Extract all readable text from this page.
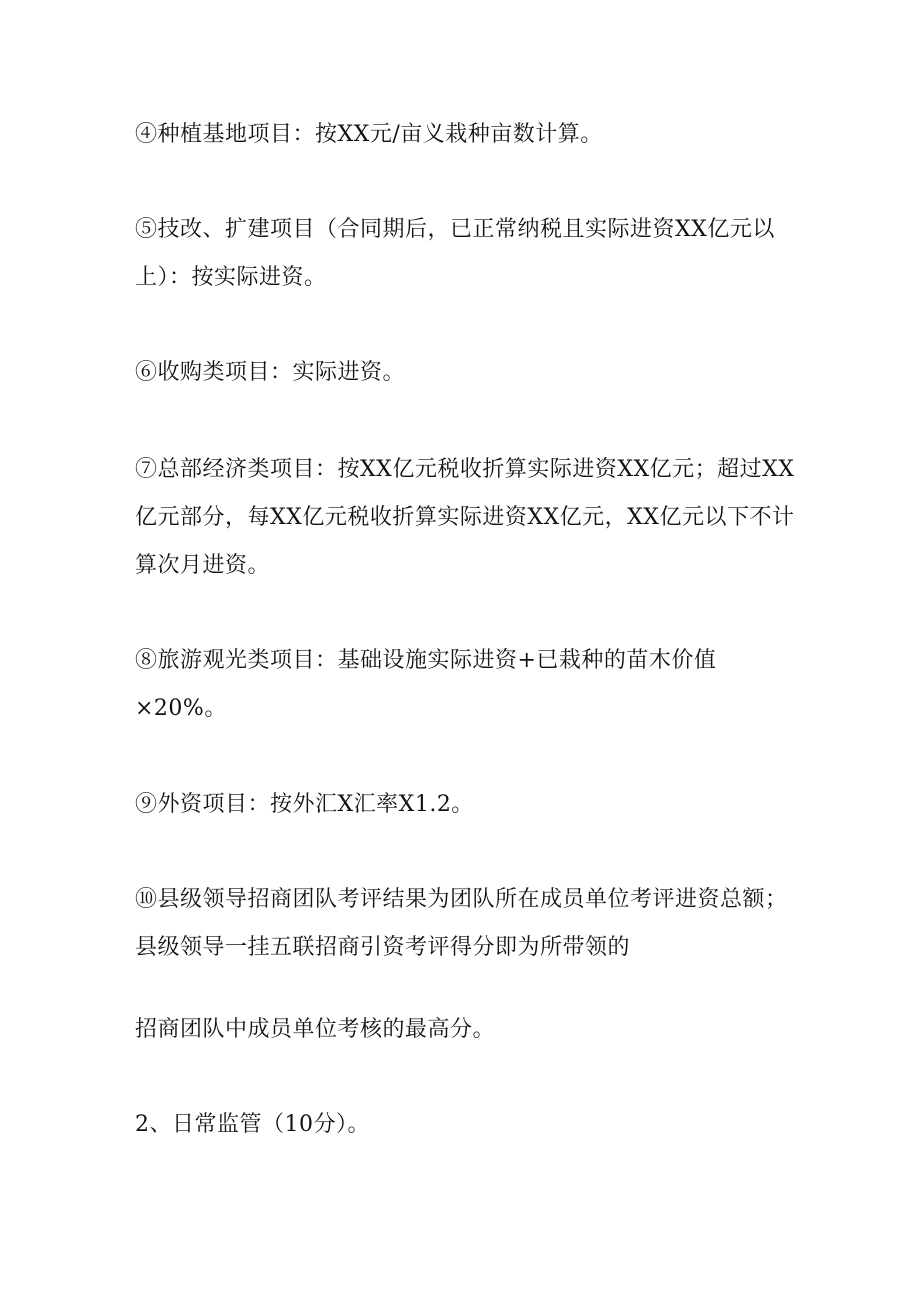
④种植基地项目：按XX元/亩义栽种亩数计算。
⑤技改、扩建项目（合同期后，已正常纳税且实际进资XX亿元以
上）：按实际进资。
⑥收购类项目：实际进资。
⑦总部经济类项目：按XX亿元税收折算实际进资XX亿元；超过XX
亿元部分，每XX亿元税收折算实际进资XX亿元，XX亿元以下不计
算次月进资。
⑧旅游观光类项目：基础设施实际进资+已栽种的苗木价值
×20%。
⑨外资项目：按外汇X汇率X1.2。
⑩县级领导招商团队考评结果为团队所在成员单位考评进资总额；
县级领导一挂五联招商引资考评得分即为所带领的
招商团队中成员单位考核的最高分。
2、日常监管（10分）。
